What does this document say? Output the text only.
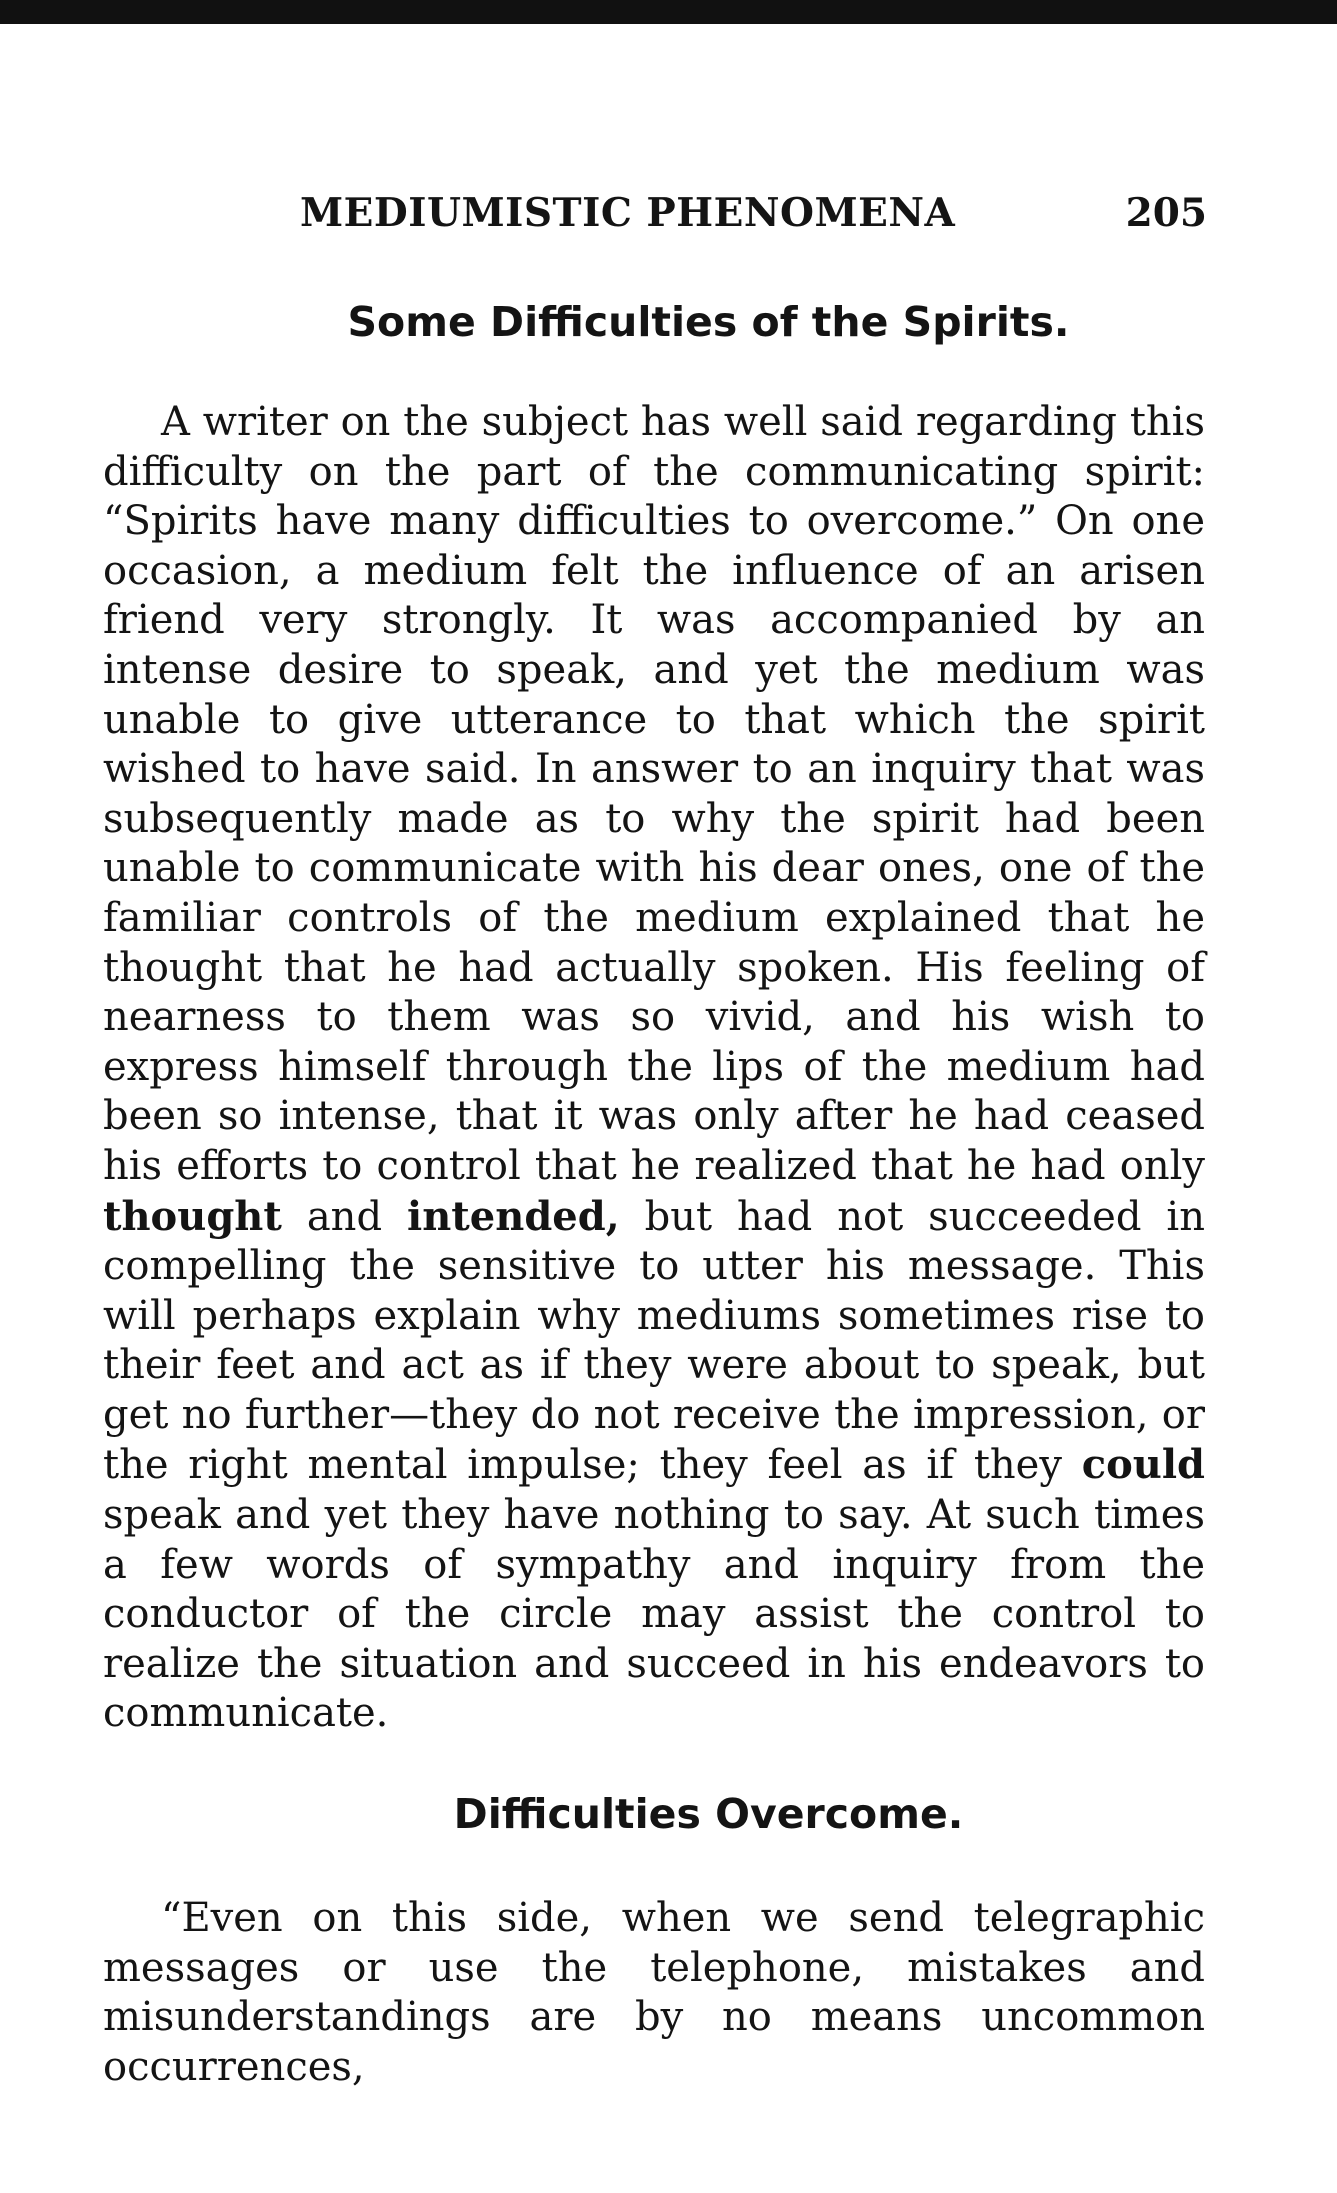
MEDIUMISTIC PHENOMENA	205
Some Difficulties of the Spirits.

A writer on the subject has well said regarding this difficulty on the part of the communicating spirit: “Spirits have many difficulties to overcome.” On one occasion, a medium felt the influence of an arisen friend very strongly. It was accompanied by an intense desire to speak, and yet the medium was unable to give utterance to that which the spirit wished to have said. In answer to an inquiry that was subsequently made as to why the spirit had been unable to communicate with his dear ones, one of the familiar controls of the medium explained that he thought that he had actually spoken. His feeling of nearness to them was so vivid, and his wish to express himself through the lips of the medium had been so intense, that it was only after he had ceased his efforts to control that he realized that he had only thought and intended, but had not succeeded in compelling the sensitive to utter his message. This will perhaps explain why mediums sometimes rise to their feet and act as if they were about to speak, but get no further—they do not receive the impression, or the right mental impulse; they feel as if they could speak and yet they have nothing to say. At such times a few words of sympathy and inquiry from the conductor of the circle may assist the control to realize the situation and succeed in his endeavors to communicate.

Difficulties Overcome.

“Even on this side, when we send telegraphic messages or use the telephone, mistakes and misunderstandings are by no means uncommon occurrences,
